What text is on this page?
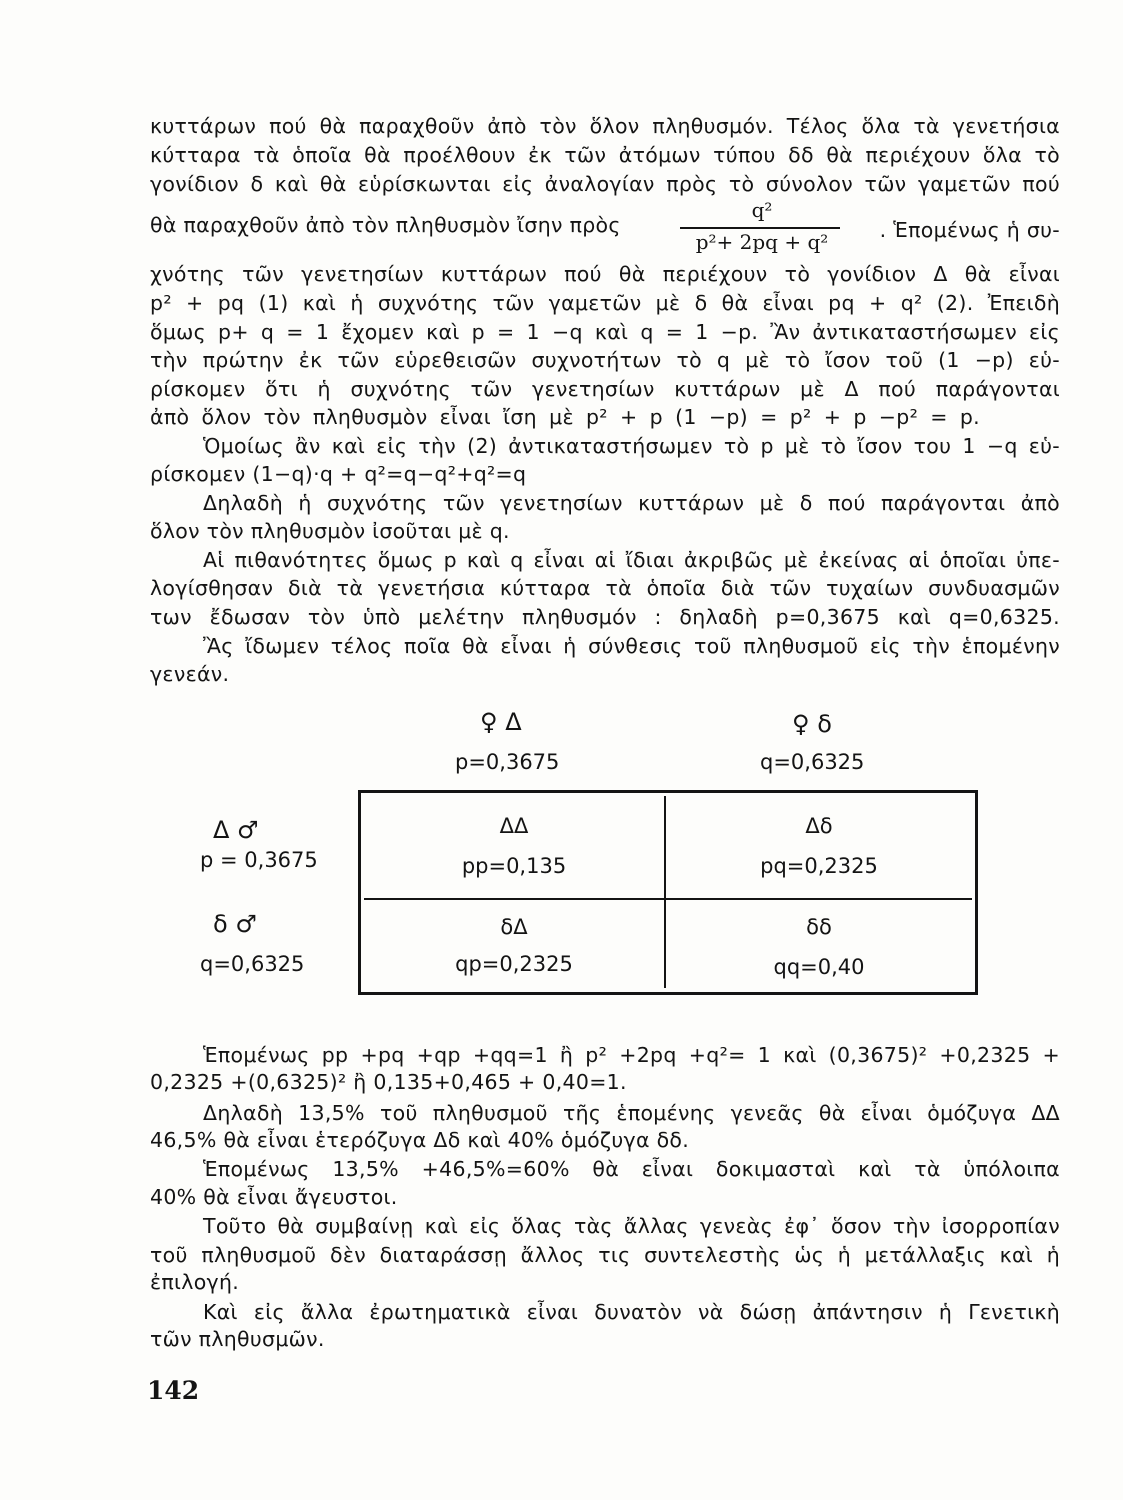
κυττάρων πού θὰ παραχθοῦν ἀπὸ τὸν ὅλον πληθυσμόν. Τέλος ὅλα τὰ γενετήσια
κύτταρα τὰ ὁποῖα θὰ προέλθουν ἐκ τῶν ἀτόμων τύπου δδ θὰ περιέχουν ὅλα τὸ
γονίδιον δ καὶ θὰ εὑρίσκωνται εἰς ἀναλογίαν πρὸς τὸ σύνολον τῶν γαμετῶν πού
θὰ παραχθοῦν ἀπὸ τὸν πληθυσμὸν ἴσην πρὸς
q²
p²+ 2pq + q²	. Ἑπομένως ἡ συ-
χνότης τῶν γενετησίων κυττάρων πού θὰ περιέχουν τὸ γονίδιον Δ θὰ εἶναι
p² + pq (1) καὶ ἡ συχνότης τῶν γαμετῶν μὲ δ θὰ εἶναι pq + q² (2). Ἐπειδὴ
ὅμως p+ q = 1 ἔχομεν καὶ p = 1 −q καὶ q = 1 −p. Ἂν ἀντικαταστήσωμεν εἰς
τὴν πρώτην ἐκ τῶν εὑρεθεισῶν συχνοτήτων τὸ q μὲ τὸ ἴσον τοῦ (1 −p) εὑ-
ρίσκομεν ὅτι ἡ συχνότης τῶν γενετησίων κυττάρων μὲ Δ πού παράγονται
ἀπὸ ὅλον τὸν πληθυσμὸν εἶναι ἴση μὲ p² + p (1 −p) = p² + p −p² = p.
Ὁμοίως ἂν καὶ εἰς τὴν (2) ἀντικαταστήσωμεν τὸ p μὲ τὸ ἴσον του 1 −q εὑ-
ρίσκομεν (1−q)·q + q²=q−q²+q²=q
Δηλαδὴ ἡ συχνότης τῶν γενετησίων κυττάρων μὲ δ πού παράγονται ἀπὸ
ὅλον τὸν πληθυσμὸν ἰσοῦται μὲ q.
Αἱ πιθανότητες ὅμως p καὶ q εἶναι αἱ ἴδιαι ἀκριβῶς μὲ ἐκείνας αἱ ὁποῖαι ὑπε-
λογίσθησαν διὰ τὰ γενετήσια κύτταρα τὰ ὁποῖα διὰ τῶν τυχαίων συνδυασμῶν
των ἔδωσαν τὸν ὑπὸ μελέτην πληθυσμόν : δηλαδὴ p=0,3675 καὶ q=0,6325.
Ἂς ἴδωμεν τέλος ποῖα θὰ εἶναι ἡ σύνθεσις τοῦ πληθυσμοῦ εἰς τὴν ἑπομένην
γενεάν.
♀ Δ
p=0,3675
♀ δ
q=0,6325
Δ ♂
p = 0,3675
δ ♂
q=0,6325
ΔΔ
pp=0,135
Δδ
pq=0,2325
δΔ
qp=0,2325
δδ
qq=0,40
Ἑπομένως pp +pq +qp +qq=1 ἢ p² +2pq +q²= 1 καὶ (0,3675)² +0,2325 +
0,2325 +(0,6325)² ἢ 0,135+0,465 + 0,40=1.
Δηλαδὴ 13,5% τοῦ πληθυσμοῦ τῆς ἑπομένης γενεᾶς θὰ εἶναι ὁμόζυγα ΔΔ
46,5% θὰ εἶναι ἑτερόζυγα Δδ καὶ 40% ὁμόζυγα δδ.
Ἑπομένως 13,5% +46,5%=60% θὰ εἶναι δοκιμασταὶ καὶ τὰ ὑπόλοιπα
40% θὰ εἶναι ἄγευστοι.
Τοῦτο θὰ συμβαίνῃ καὶ εἰς ὅλας τὰς ἄλλας γενεὰς ἐφ᾽ ὅσον τὴν ἰσορροπίαν
τοῦ πληθυσμοῦ δὲν διαταράσσῃ ἄλλος τις συντελεστὴς ὡς ἡ μετάλλαξις καὶ ἡ
ἐπιλογή.
Καὶ εἰς ἄλλα ἐρωτηματικὰ εἶναι δυνατὸν νὰ δώσῃ ἀπάντησιν ἡ Γενετικὴ
τῶν πληθυσμῶν.
142
